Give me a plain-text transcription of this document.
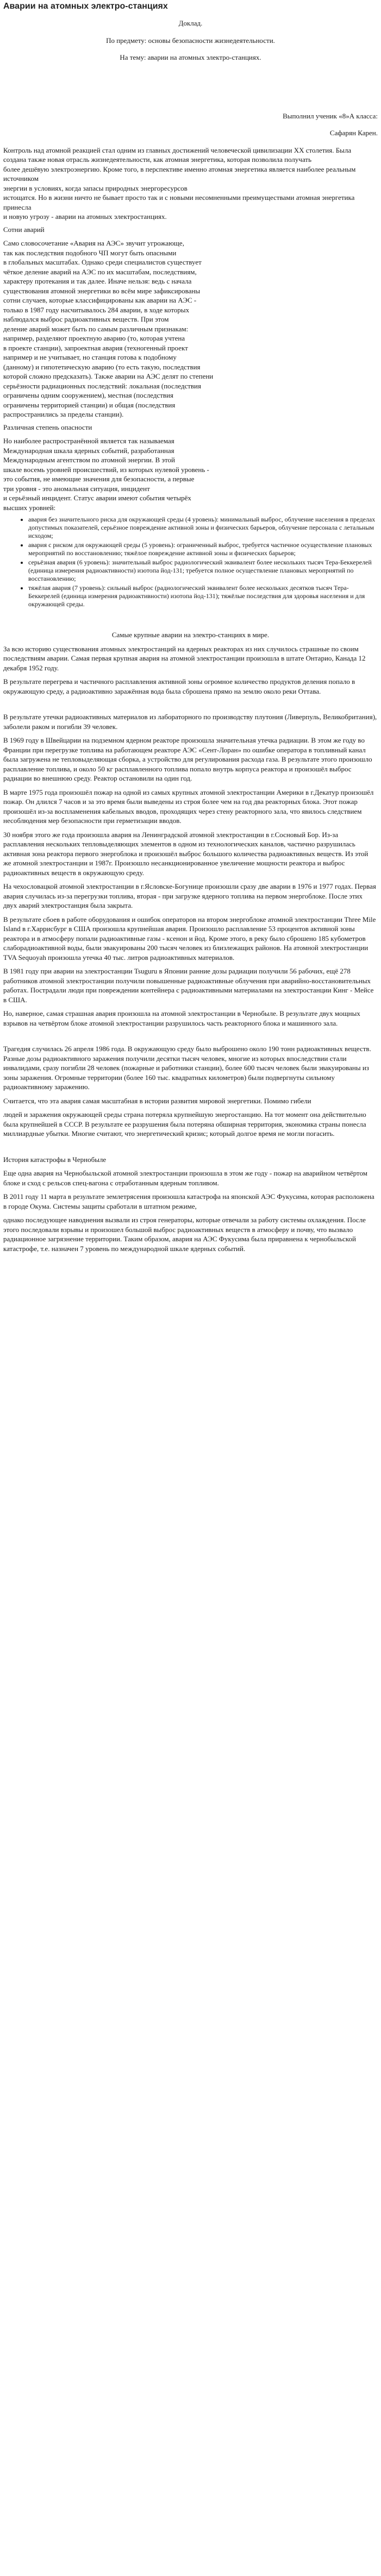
Аварии на атомных электро-станциях
Доклад.
По предмету: основы безопасности жизнедеятельности.
На тему: аварии на атомных электро-станциях.
Выполнил ученик «8»А класса:
Сафарян Карен.
Контроль над атомной реакцией стал одним из главных достижений человеческой цивилизации XX столетия. Была
создана также новая отрасль жизнедеятельности, как атомная энергетика, которая позволила получать
более дешёвую электроэнергию. Кроме того, в перспективе именно атомная энергетика является наиболее реальным источником
энергии в условиях, когда запасы природных энергоресурсов
истощатся. Но в жизни ничто не бывает просто так и с новыми несомненными преимуществами атомная энергетика принесла
и новую угрозу - аварии на атомных электростанциях.

Сотни аварий

Само словосочетание «Авария на АЭС» звучит угрожающе,
так как последствия подобного ЧП могут быть опасными
в глобальных масштабах. Однако среди специалистов существует
чёткое деление аварий на АЭС по их масштабам, последствиям,
характеру протекания и так далее. Иначе нельзя: ведь с начала
существования атомной энергетики во всём мире зафиксированы
сотни случаев, которые классифицированы как аварии на АЭС -
только в 1987 году насчитывалось 284 аварии, в ходе которых
наблюдался выброс радиоактивных веществ. При этом
деление аварий может быть по самым различным признакам:
например, разделяют проектную аварию (то, которая учтена
в проекте станции), запроектная авария (техногенный проект
например и не учитывает, но станция готова к подобному
(данному) и гипотетическую аварию (то есть такую, последствия
которой сложно предсказать). Также аварии на АЭС делят по степени
серьёзности радиационных последствий: локальная (последствия
ограничены одним сооружением), местная (последствия
ограничены территорией станции) и общая (последствия
распространились за пределы станции).

Различная степень опасности

Но наиболее распространённой является так называемая
Международная шкала ядерных событий, разработанная
Международным агентством по атомной энергии. В этой
шкале восемь уровней происшествий, из которых нулевой уровень -
это события, не имеющие значения для безопасности, а первые
три уровня - это аномальная ситуация, инцидент
и серьёзный инцидент. Статус аварии имеют события четырёх
высших уровней:
• авария без значительного риска для окружающей среды (4 уровень): минимальный выброс, облучение населения в пределах допустимых показателей, серьёзное повреждение активной зоны и физических барьеров, облучение персонала с летальным исходом;
• авария с риском для окружающей среды (5 уровень): ограниченный выброс, требуется частичное осуществление плановых мероприятий по восстановлению; тяжёлое повреждение активной зоны и физических барьеров;
• серьёзная авария (6 уровень): значительный выброс радиологический эквивалент более нескольких тысяч Тера-Беккерелей (единица измерения радиоактивности) изотопа йод-131; требуется полное осуществление плановых мероприятий по восстановлению;
• тяжёлая авария (7 уровень): сильный выброс (радиологический эквивалент более нескольких десятков тысяч Тера-Беккерелей (единица измерения радиоактивности) изотопа йод-131); тяжёлые последствия для здоровья населения и для окружающей среды.

Самые крупные аварии на электро-станциях в мире.

За всю историю существования атомных электростанций на ядерных реакторах из них случилось страшные по своим последствиям аварии. Самая первая крупная авария на атомной электростанции произошла в штате Онтарио, Канада 12 декабря 1952 году.

В результате перегрева и частичного расплавления активной зоны огромное количество продуктов деления попало в окружающую среду, а радиоактивно заражённая вода была сброшена прямо на землю около реки Оттава.

В результате утечки радиоактивных материалов из лабораторного по производству плутония (Ливерпуль, Великобритания), заболели раком и погибли 39 человек.

В 1969 году в Швейцарии на подземном ядерном реакторе произошла значительная утечка радиации. В этом же году во Франции при перегрузке топлива на работающем реакторе АЭС «Сент-Лоран» по ошибке оператора в топливный канал была загружена не тепловыделяющая сборка, а устройство для регулирования расхода газа. В результате этого произошло расплавление топлива, и около 50 кг расплавленного топлива попало внутрь корпуса реактора и произошёл выброс радиации во внешнюю среду. Реактор остановили на один год.

В марте 1975 года произошёл пожар на одной из самых крупных атомной электростанции Америки в г.Декатур произошёл пожар. Он длился 7 часов и за это время были выведены из строя более чем на год два реакторных блока. Этот пожар произошёл из-за воспламенения кабельных вводов, проходящих через стену реакторного зала, что явилось следствием несоблюдения мер безопасности при герметизации вводов.

30 ноября этого же года произошла авария на Ленинградской атомной электростанции в г.Сосновый Бор. Из-за расплавления нескольких тепловыделяющих элементов в одном из технологических каналов, частично разрушилась активная зона реактора первого энергоблока и произошёл выброс большого количества радиоактивных веществ. Из этой же атомной электростанции и 1987г. Произошло несанкционированное увеличение мощности реактора и выброс радиоактивных веществ в окружающую среду.

На чехословацкой атомной электростанции в г.Ясловске-Богунице произошли сразу две аварии в 1976 и 1977 годах. Первая авария случилась из-за перегрузки топлива, вторая - при загрузке ядерного топлива на первом энергоблоке. После этих двух аварий электростанция была закрыта.

В результате сбоев в работе оборудования и ошибок операторов на втором энергоблоке атомной электростанции Three Mile Island в г.Харрисбург в США произошла крупнейшая авария. Произошло расплавление 53 процентов активной зоны реактора и в атмосферу попали радиоактивные газы - ксенон и йод. Кроме этого, в реку было сброшено 185 кубометров слаборадиоактивной воды, были эвакуированы 200 тысяч человек из близлежащих районов. На атомной электростанции TVA Sequoyah произошла утечка 40 тыс. литров радиоактивных материалов.

В 1981 году при аварии на электростанции Tsuguru в Японии ранние дозы радиации получили 56 рабочих, ещё 278 работников атомной электростанции получили повышенные радиоактивные облучения при аварийно-восстановительных работах. Пострадали люди при повреждении контейнера с радиоактивными материалами на электростанции Кинг - Мейсе в США.

Но, наверное, самая страшная авария произошла на атомной электростанции в Чернобыле. В результате двух мощных взрывов на четвёртом блоке атомной электростанции разрушилось часть реакторного блока и машинного зала.

Трагедия случилась 26 апреля 1986 года. В окружающую среду было выброшено около 190 тонн радиоактивных веществ. Разные дозы радиоактивного заражения получили десятки тысяч человек, многие из которых впоследствии стали инвалидами, сразу погибли 28 человек (пожарные и работники станции), более 600 тысяч человек были эвакуированы из зоны заражения. Огромные территории (более 160 тыс. квадратных километров) были подвергнуты сильному радиоактивному заражению.

Считается, что эта авария самая масштабная в истории развития мировой энергетики. Помимо гибели

людей и заражения окружающей среды страна потеряла крупнейшую энергостанцию. На тот момент она действительно была крупнейшей в СССР. В результате ее разрушения была потеряна обширная территория, экономика страны понесла миллиардные убытки. Многие считают, что энергетический кризис; который долгое время не могли погасить.

История катастрофы в Чернобыле

Еще одна авария на Чернобыльской атомной электростанции произошла в этом же году - пожар на аварийном четвёртом блоке и сход с рельсов спец-вагона с отработанным ядерным топливом.

В 2011 году 11 марта в результате землетрясения произошла катастрофа на японской АЭС Фукусима, которая расположена в городе Окума. Системы защиты сработали в штатном режиме,

однако последующее наводнения вызвали из строя генераторы, которые отвечали за работу системы охлаждения. После этого последовали взрывы и произошел большой выброс радиоактивных веществ в атмосферу и почву, что вызвало радиационное загрязнение территории. Таким образом, авария на АЭС Фукусима была приравнена к чернобыльской катастрофе, т.е. назначен 7 уровень по международной шкале ядерных событий.
